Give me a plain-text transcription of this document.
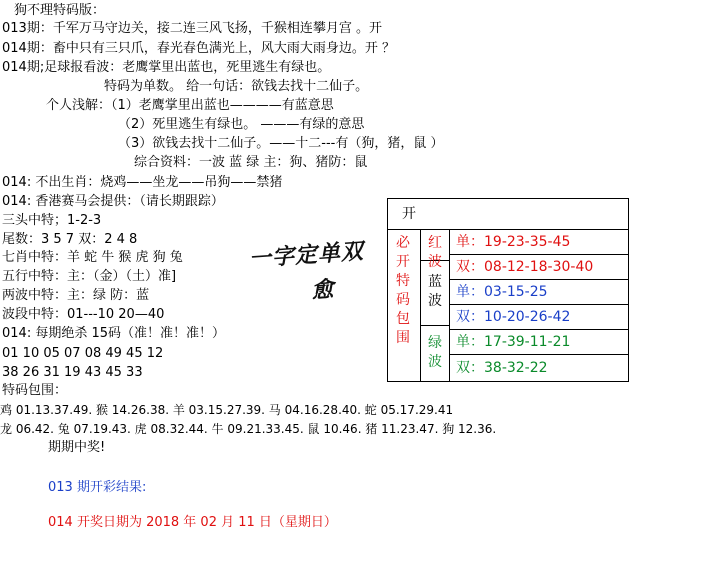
狗不理特码版：
013期：千军万马守边关，接二连三风飞扬，千猴相连攀月宫 。开
014期：畜中只有三只爪，春光春色满光上，风大雨大雨身边。开 ？
014期;足球报看波：老鹰掌里出蓝也，死里逃生有绿也。
特码为单数。 给一句话：欲钱去找十二仙子。
个人浅解：（1）老鹰掌里出蓝也————有蓝意思
（2）死里逃生有绿也。 ———有绿的意思
（3）欲钱去找十二仙子。——十二---有（狗，猪，鼠 ）
综合资料：一波 蓝 绿 主：狗、猪防：鼠
014: 不出生肖：烧鸡——坐龙——吊狗——禁猪
014: 香港赛马会提供：（请长期跟踪）
三头中特；1-2-3
尾数：3 5 7 双：2 4 8
七肖中特：羊 蛇 牛 猴 虎 狗 兔
五行中特：主：（金）（土）准]
两波中特：主：绿 防：蓝
波段中特：01---10 20—40
014: 每期绝杀 15码（准！准！准！）
01 10 05 07 08 49 45 12
38 26 31 19 43 45 33
特码包围：
鸡 01.13.37.49. 猴 14.26.38. 羊 03.15.27.39. 马 04.16.28.40. 蛇 05.17.29.41
龙 06.42. 兔 07.19.43. 虎 08.32.44. 牛 09.21.33.45. 鼠 10.46. 猪 11.23.47. 狗 12.36.
期期中奖!
013 期开彩结果:
014 开奖日期为 2018 年 02 月 11 日（星期日）
一字定单双
愈
开
必开特码包围
红波
蓝波
绿波
单：19-23-35-45
双：08-12-18-30-40
单：03-15-25
双：10-20-26-42
单：17-39-11-21
双：38-32-22
